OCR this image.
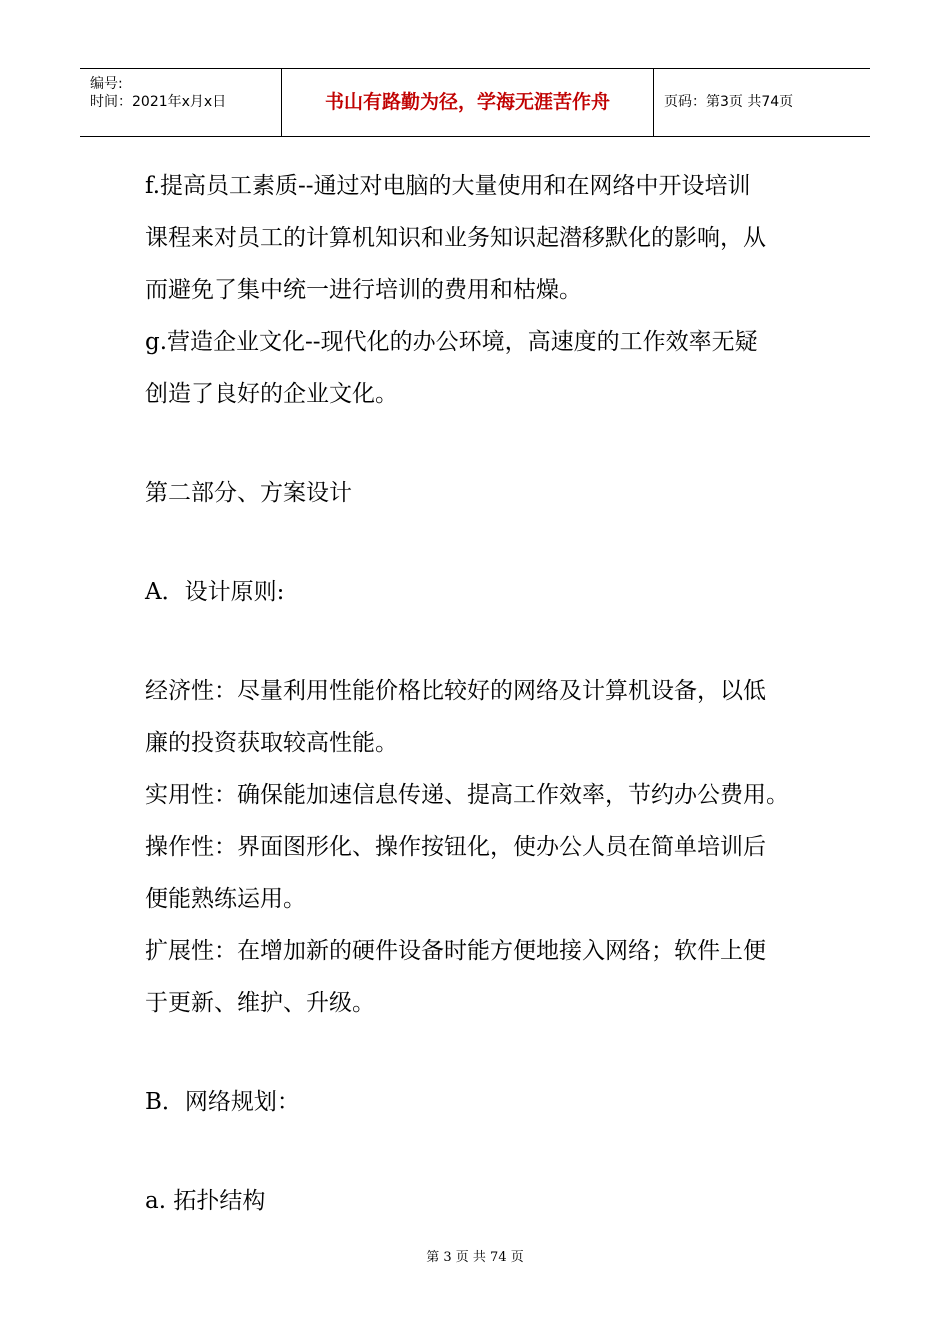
编号:
时间：2021年x月x日	书山有路勤为径，学海无涯苦作舟	页码：第3页 共74页
f.提高员工素质--通过对电脑的大量使用和在网络中开设培训
课程来对员工的计算机知识和业务知识起潜移默化的影响，从
而避免了集中统一进行培训的费用和枯燥。
g.营造企业文化--现代化的办公环境，高速度的工作效率无疑
创造了良好的企业文化。
第二部分、方案设计
A．设计原则:
经济性：尽量利用性能价格比较好的网络及计算机设备，以低
廉的投资获取较高性能。
实用性：确保能加速信息传递、提高工作效率，节约办公费用。
操作性：界面图形化、操作按钮化，使办公人员在简单培训后
便能熟练运用。
扩展性：在增加新的硬件设备时能方便地接入网络；软件上便
于更新、维护、升级。
B．网络规划：
a. 拓扑结构
第 3 页 共 74 页
